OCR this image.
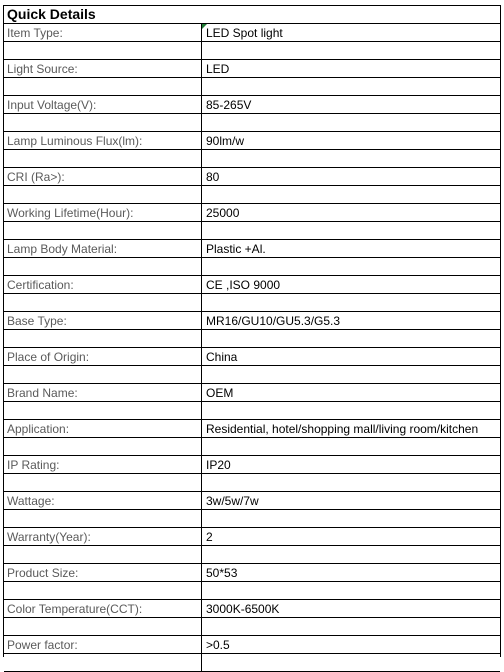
Quick Details
Item Type:	LED Spot light
Light Source:	LED
Input Voltage(V):	85-265V
Lamp Luminous Flux(lm):	90lm/w
CRI (Ra>):	80
Working Lifetime(Hour):	25000
Lamp Body Material:	Plastic +Al.
Certification:	CE ,ISO 9000
Base Type:	MR16/GU10/GU5.3/G5.3
Place of Origin:	China
Brand Name:	OEM
Application:	Residential, hotel/shopping mall/living room/kitchen
IP Rating:	IP20
Wattage:	3w/5w/7w
Warranty(Year):	2
Product Size:	50*53
Color Temperature(CCT):	3000K-6500K
Power factor:	>0.5
